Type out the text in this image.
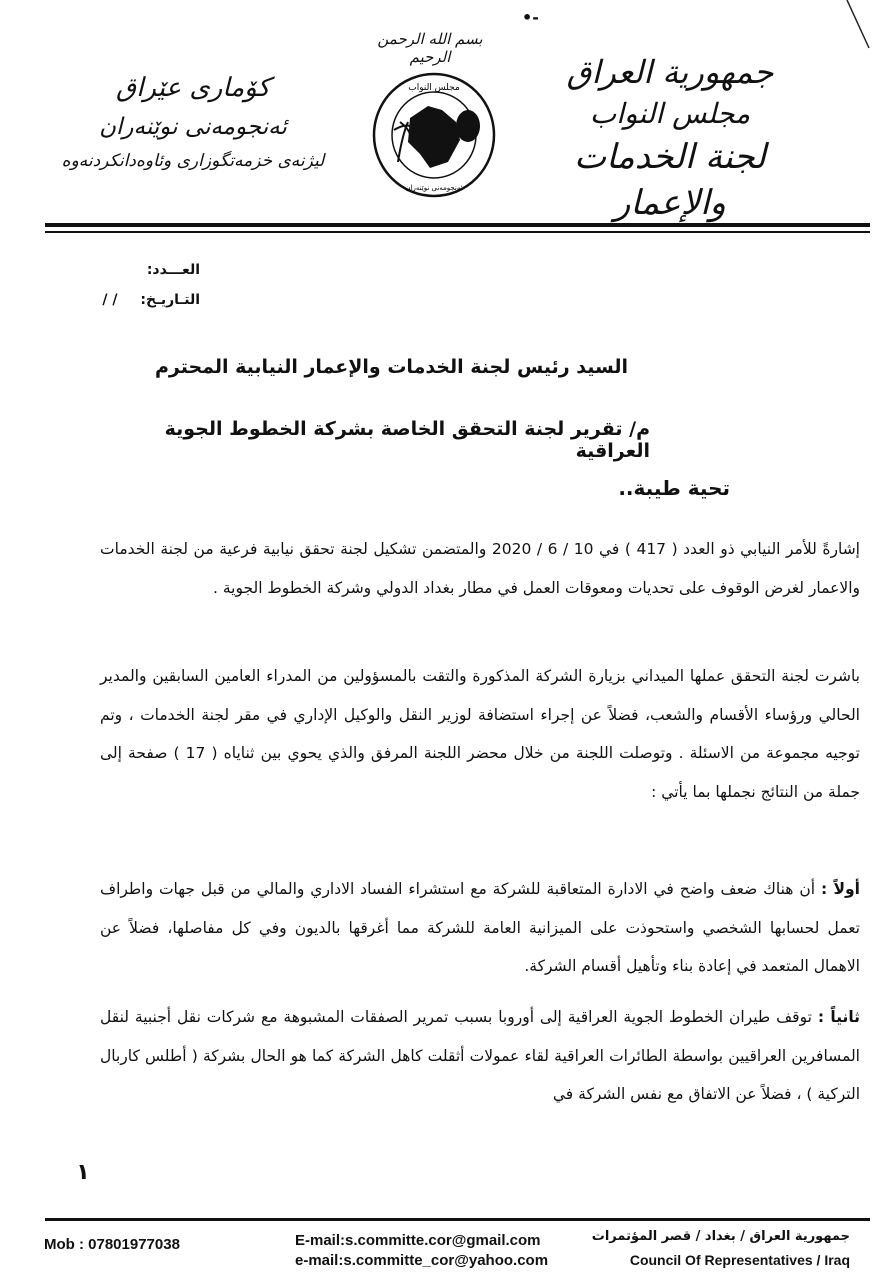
•-
جمهورية العراق
مجلس النواب
لجنة الخدمات والإعمار
كۆماری عێراق
ئەنجومەنی نوێنەران
لیژنەی خزمەتگوزاری وئاوەدانکردنەوە
بسم الله الرحمن الرحيم
مجلس النواب
ئەنجومەنی نوێنەران
العـــدد:
التـاريـخ: / /
السيد رئيس لجنة الخدمات والإعمار النيابية المحترم
م/ تقرير لجنة التحقق الخاصة بشركة الخطوط الجوية العراقية
تحية طيبة..
إشارةً للأمر النيابي ذو العدد ( 417 ) في 10 / 6 / 2020 والمتضمن تشكيل لجنة تحقق نيابية فرعية من لجنة الخدمات والاعمار لغرض الوقوف على تحديات ومعوقات العمل في مطار بغداد الدولي وشركة الخطوط الجوية .
باشرت لجنة التحقق عملها الميداني بزيارة الشركة المذكورة والتقت بالمسؤولين من المدراء العامين السابقين والمدير الحالي ورؤساء الأقسام والشعب، فضلاً عن إجراء استضافة لوزير النقل والوكيل الإداري في مقر لجنة الخدمات ، وتم توجيه مجموعة من الاسئلة . وتوصلت اللجنة من خلال محضر اللجنة المرفق والذي يحوي بين ثناياه ( 17 ) صفحة إلى جملة من النتائج نجملها بما يأتي :
أولاً : أن هناك ضعف واضح في الادارة المتعاقبة للشركة مع استشراء الفساد الاداري والمالي من قبل جهات واطراف تعمل لحسابها الشخصي واستحوذت على الميزانية العامة للشركة مما أغرقها بالديون وفي كل مفاصلها، فضلاً عن الاهمال المتعمد في إعادة بناء وتأهيل أقسام الشركة.
ثانياً : توقف طيران الخطوط الجوية العراقية إلى أوروبا بسبب تمرير الصفقات المشبوهة مع شركات نقل أجنبية لنقل المسافرين العراقيين بواسطة الطائرات العراقية لقاء عمولات أثقلت كاهل الشركة كما هو الحال بشركة ( أطلس كاربال التركية ) ، فضلاً عن الاتفاق مع نفس الشركة في
١
Mob : 07801977038	E-mail:s.committe.cor@gmail.com
e-mail:s.committe_cor@yahoo.com
جمهورية العراق / بغداد / قصر المؤتمرات
Council Of Representatives / Iraq
